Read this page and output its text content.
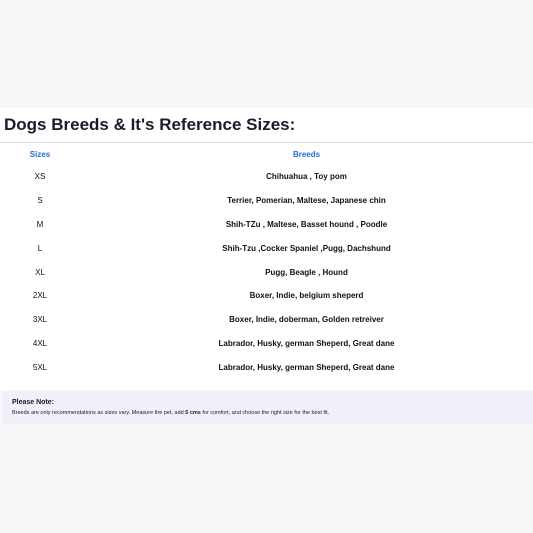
Dogs Breeds & It's Reference Sizes:
Sizes	Breeds
XS	Chihuahua , Toy pom
S	Terrier, Pomerian, Maltese, Japanese chin
M	Shih-TZu , Maltese, Basset hound , Poodle
L	Shih-Tzu ,Cocker Spaniel ,Pugg, Dachshund
XL	Pugg, Beagle , Hound
2XL	Boxer, Indie, belgium sheperd
3XL	Boxer, Indie, doberman, Golden retreiver
4XL	Labrador, Husky, german Sheperd, Great dane
5XL	Labrador, Husky, german Sheperd, Great dane
Please Note:
Breeds are only recommendations as sizes vary. Measure the pet, add 5 cms for comfort, and choose the right size for the best fit.
